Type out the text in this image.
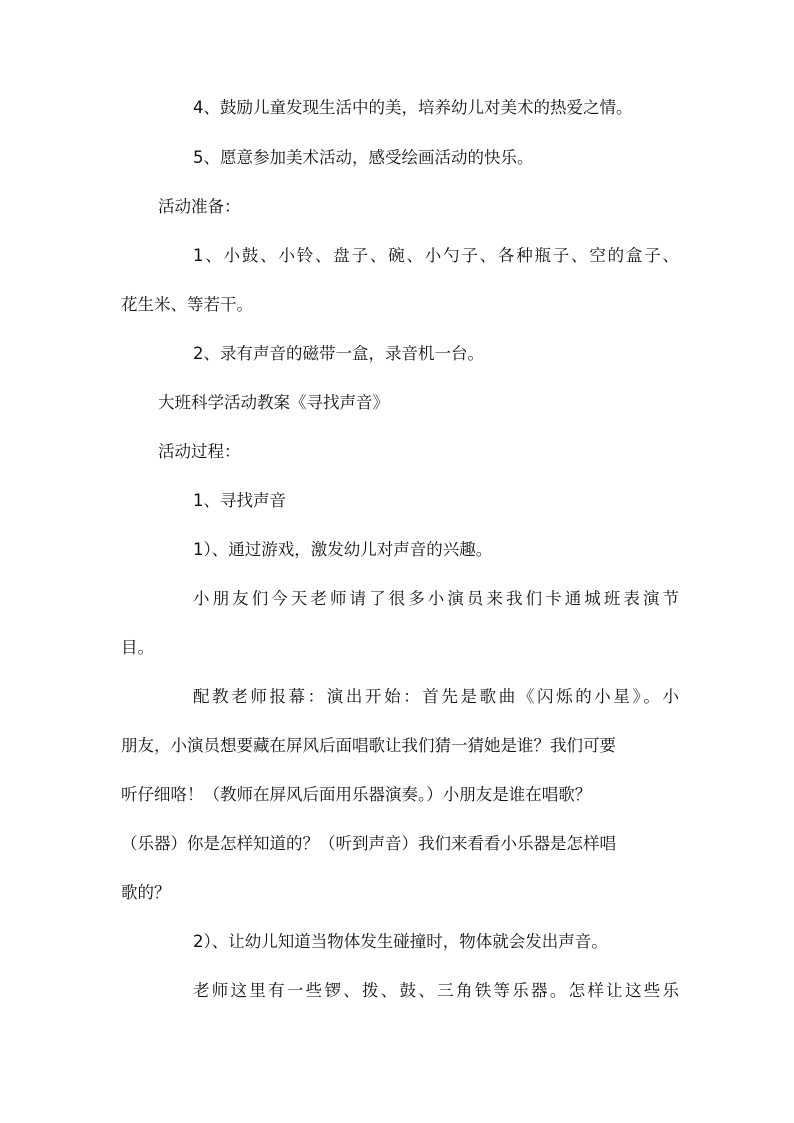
4、鼓励儿童发现生活中的美，培养幼儿对美术的热爱之情。
5、愿意参加美术活动，感受绘画活动的快乐。
活动准备：
1、小鼓、小铃、盘子、碗、小勺子、各种瓶子、空的盒子、
花生米、等若干。
2、录有声音的磁带一盒，录音机一台。
大班科学活动教案《寻找声音》
活动过程：
1、寻找声音
1）、通过游戏，激发幼儿对声音的兴趣。
小朋友们今天老师请了很多小演员来我们卡通城班表演节
目。
配教老师报幕：演出开始：首先是歌曲《闪烁的小星》。小
朋友，小演员想要藏在屏风后面唱歌让我们猜一猜她是谁？我们可要
听仔细咯！（教师在屏风后面用乐器演奏。）小朋友是谁在唱歌？
（乐器）你是怎样知道的？（听到声音）我们来看看小乐器是怎样唱
歌的？
2）、让幼儿知道当物体发生碰撞时，物体就会发出声音。
老师这里有一些锣、拨、鼓、三角铁等乐器。怎样让这些乐
